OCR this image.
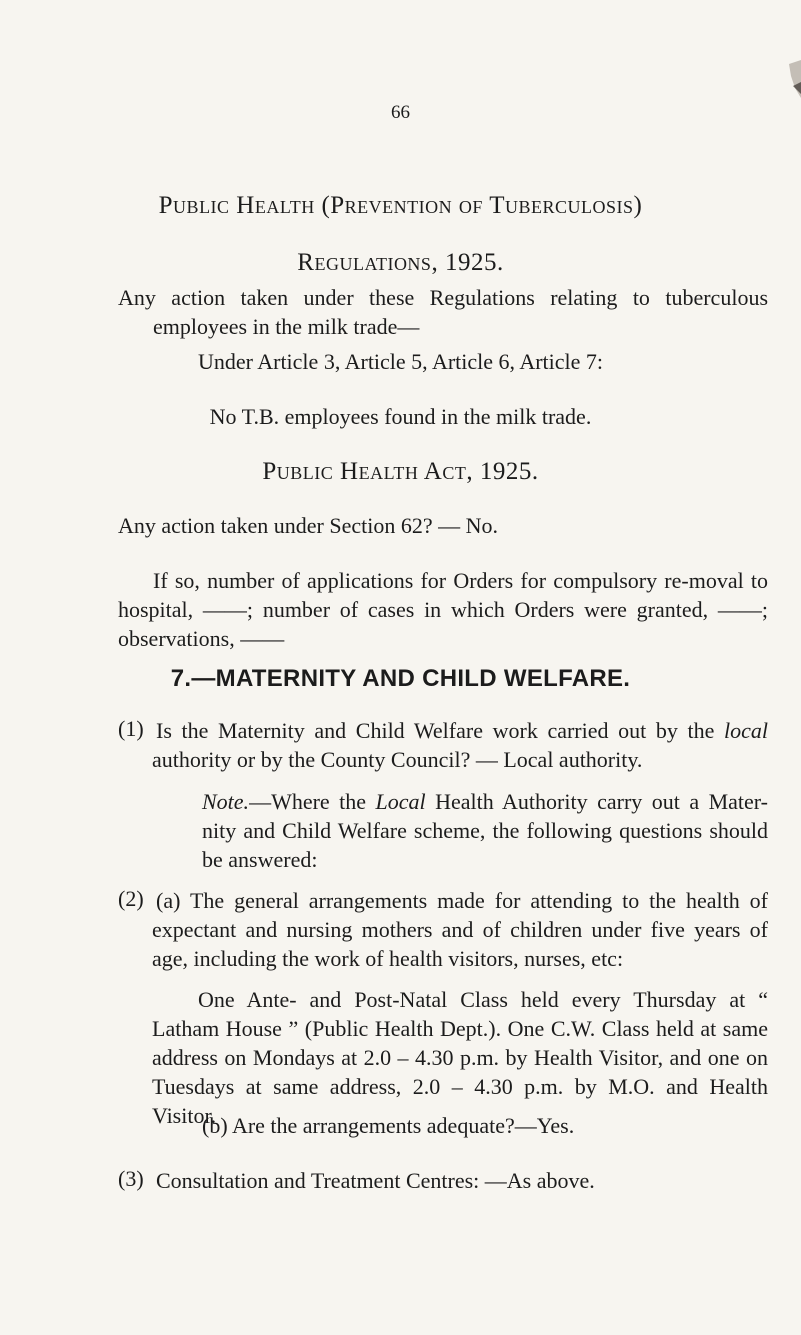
66
Public Health (Prevention of Tuberculosis)
Regulations, 1925.
Any action taken under these Regulations relating to tuberculous employees in the milk trade—
Under Article 3, Article 5, Article 6, Article 7:
No T.B. employees found in the milk trade.
Public Health Act, 1925.
Any action taken under Section 62? — No.
If so, number of applications for Orders for compulsory re-moval to hospital, ——; number of cases in which Orders were granted, ——; observations, ——
7.—MATERNITY AND CHILD WELFARE.
(1) Is the Maternity and Child Welfare work carried out by the local authority or by the County Council? — Local authority.
Note.—Where the Local Health Authority carry out a Mater-nity and Child Welfare scheme, the following questions should be answered:
(2) (a) The general arrangements made for attending to the health of expectant and nursing mothers and of children under five years of age, including the work of health visitors, nurses, etc:
One Ante- and Post-Natal Class held every Thursday at “ Latham House ” (Public Health Dept.). One C.W. Class held at same address on Mondays at 2.0 – 4.30 p.m. by Health Visitor, and one on Tuesdays at same address, 2.0 – 4.30 p.m. by M.O. and Health Visitor.
(b) Are the arrangements adequate?—Yes.
(3) Consultation and Treatment Centres: —As above.
